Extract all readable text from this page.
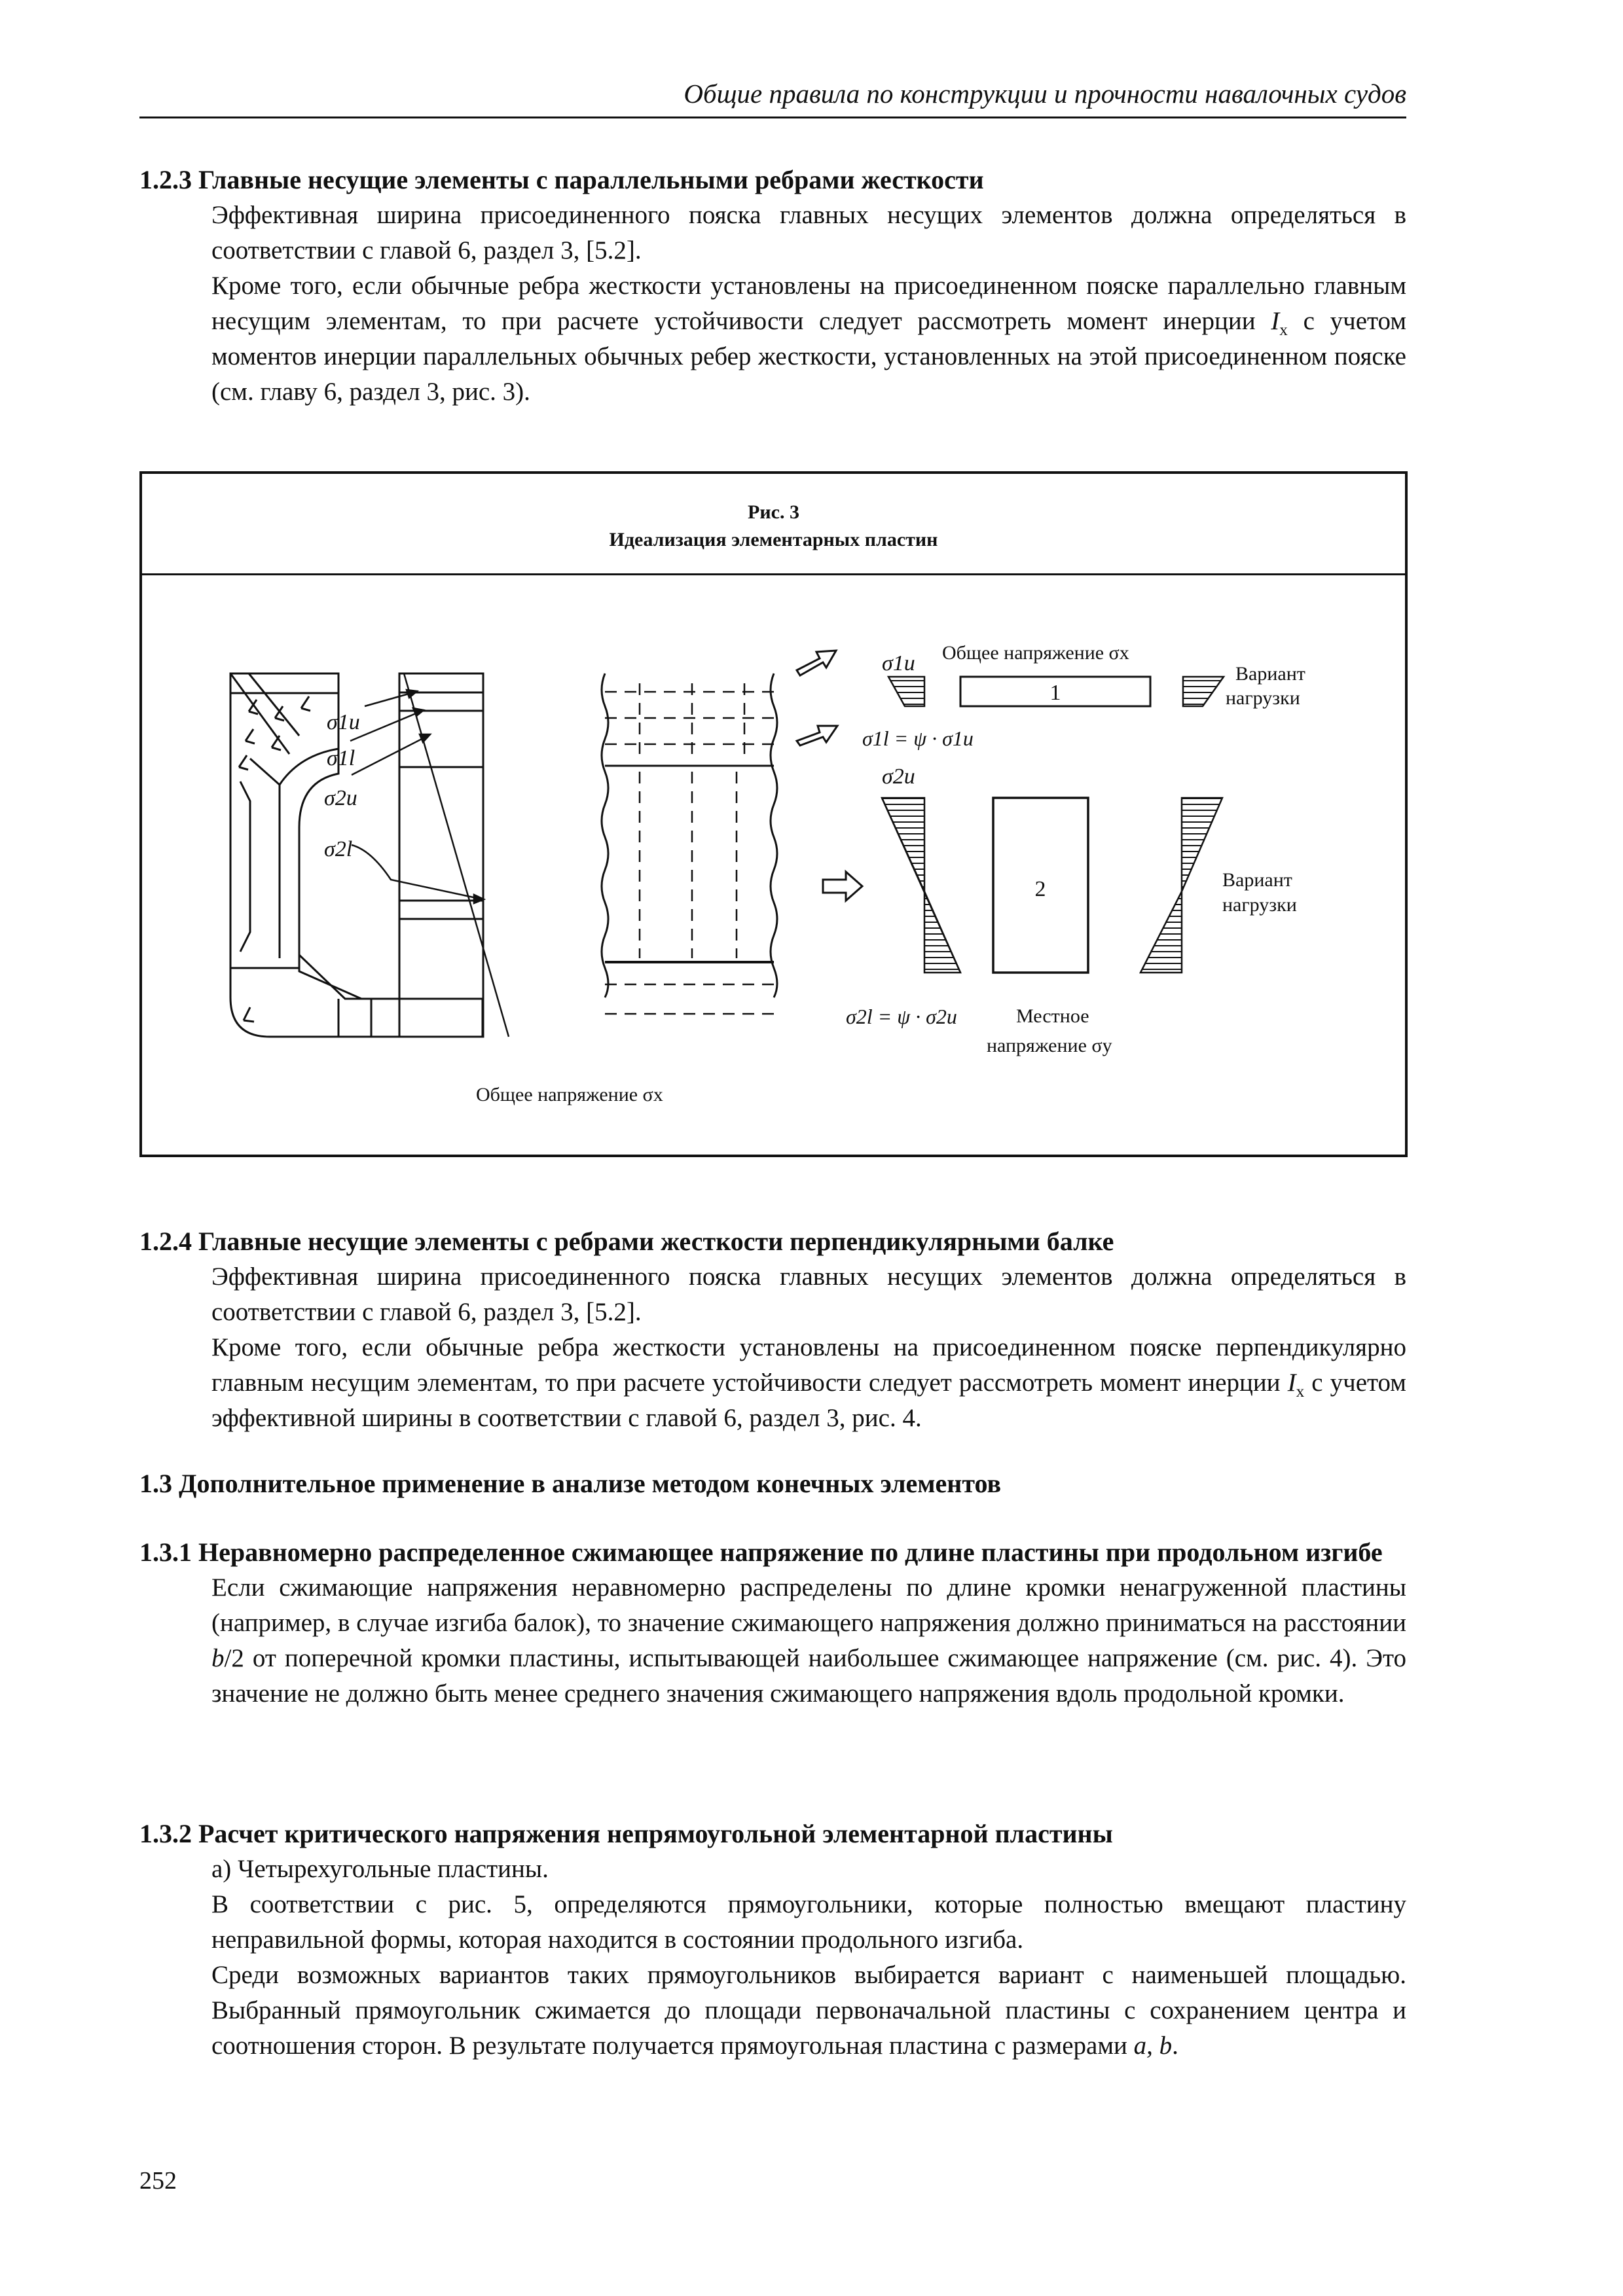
Общие правила по конструкции и прочности навалочных судов

1.2.3 Главные несущие элементы с параллельными ребрами жесткости

Эффективная ширина присоединенного пояска главных несущих элементов должна определяться в соответствии с главой 6, раздел 3, [5.2].

Кроме того, если обычные ребра жесткости установлены на присоединенном пояске параллельно главным несущим элементам, то при расчете устойчивости следует рассмотреть момент инерции $I_x$ с учетом моментов инерции параллельных обычных ребер жесткости, установленных на этой присоединенном пояске (см. главу 6, раздел 3, рис. 3).

Рис. 3
Идеализация элементарных пластин
σ1u
σ1l
σ2u
σ2l
Общее напряжение σx
σ1u Общее напряжение σx
1
Вариант
нагрузки
σ1l = ψ · σ1u
σ2u
2	Вариант
нагрузки
σ2l = ψ · σ2u	Местное
напряжение σy

1.2.4 Главные несущие элементы с ребрами жесткости перпендикулярными балке

Эффективная ширина присоединенного пояска главных несущих элементов должна определяться в соответствии с главой 6, раздел 3, [5.2].

Кроме того, если обычные ребра жесткости установлены на присоединенном пояске перпендикулярно главным несущим элементам, то при расчете устойчивости следует рассмотреть момент инерции $I_x$ с учетом эффективной ширины в соответствии с главой 6, раздел 3, рис. 4.

1.3 Дополнительное применение в анализе методом конечных элементов

1.3.1 Неравномерно распределенное сжимающее напряжение по длине пластины при продольном изгибе

Если сжимающие напряжения неравномерно распределены по длине кромки ненагруженной пластины (например, в случае изгиба балок), то значение сжимающего напряжения должно приниматься на расстоянии b/2 от поперечной кромки пластины, испытывающей наибольшее сжимающее напряжение (см. рис. 4). Это значение не должно быть менее среднего значения сжимающего напряжения вдоль продольной кромки.

1.3.2 Расчет критического напряжения непрямоугольной элементарной пластины

а) Четырехугольные пластины.

В соответствии с рис. 5, определяются прямоугольники, которые полностью вмещают пластину неправильной формы, которая находится в состоянии продольного изгиба.

Среди возможных вариантов таких прямоугольников выбирается вариант с наименьшей площадью. Выбранный прямоугольник сжимается до площади первоначальной пластины с сохранением центра и соотношения сторон. В результате получается прямоугольная пластина с размерами a, b.

252
